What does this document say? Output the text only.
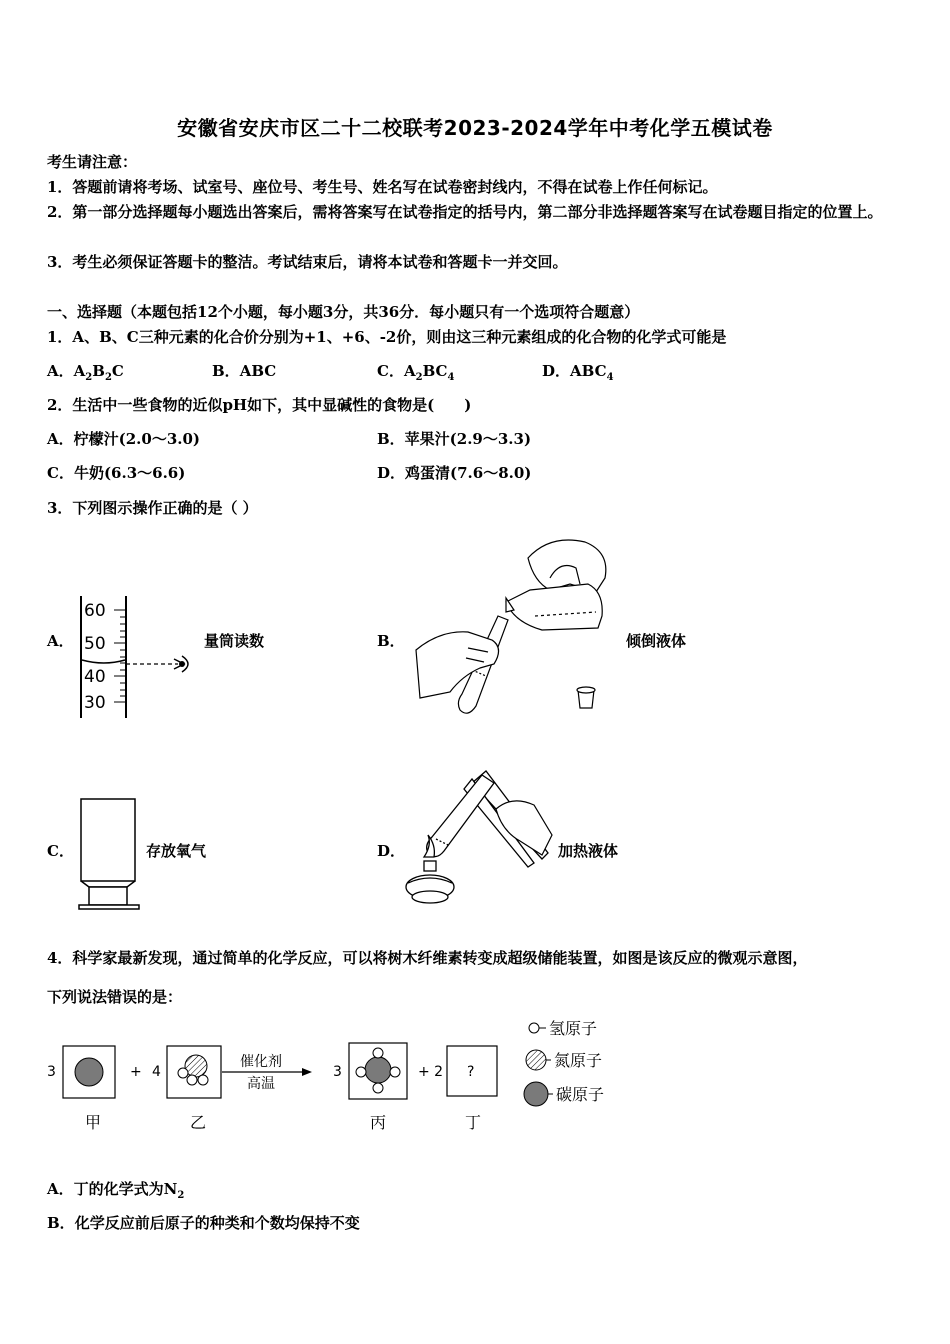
安徽省安庆市区二十二校联考2023-2024学年中考化学五模试卷
考生请注意：
1．答题前请将考场、试室号、座位号、考生号、姓名写在试卷密封线内，不得在试卷上作任何标记。
2．第一部分选择题每小题选出答案后，需将答案写在试卷指定的括号内，第二部分非选择题答案写在试卷题目指定的位置上。
3．考生必须保证答题卡的整洁。考试结束后，请将本试卷和答题卡一并交回。
一、选择题（本题包括12个小题，每小题3分，共36分．每小题只有一个选项符合题意）
1．A、B、C三种元素的化合价分别为+1、+6、-2价，则由这三种元素组成的化合物的化学式可能是
A．$A_2B_2C$	B．ABC	C．$A_2BC_4$	D．$ABC_4$
2．生活中一些食物的近似pH如下，其中显碱性的食物是(　　)
A．柠檬汁(2.0～3.0)	B．苹果汁(2.9～3.3)
C．牛奶(6.3～6.6)	D．鸡蛋清(7.6～8.0)
3．下列图示操作正确的是（ ）
A．
60
50
40
30
量筒读数	B．	倾倒液体
C．	存放氧气	D．	加热液体
4．科学家最新发现，通过简单的化学反应，可以将树木纤维素转变成超级储能装置，如图是该反应的微观示意图，
下列说法错误的是：
3
甲
+ 4
乙
催化剂
高温
3
丙
+ 2 ?
丁
氢原子
氮原子
碳原子
A．丁的化学式为$N_2$
B．化学反应前后原子的种类和个数均保持不变
